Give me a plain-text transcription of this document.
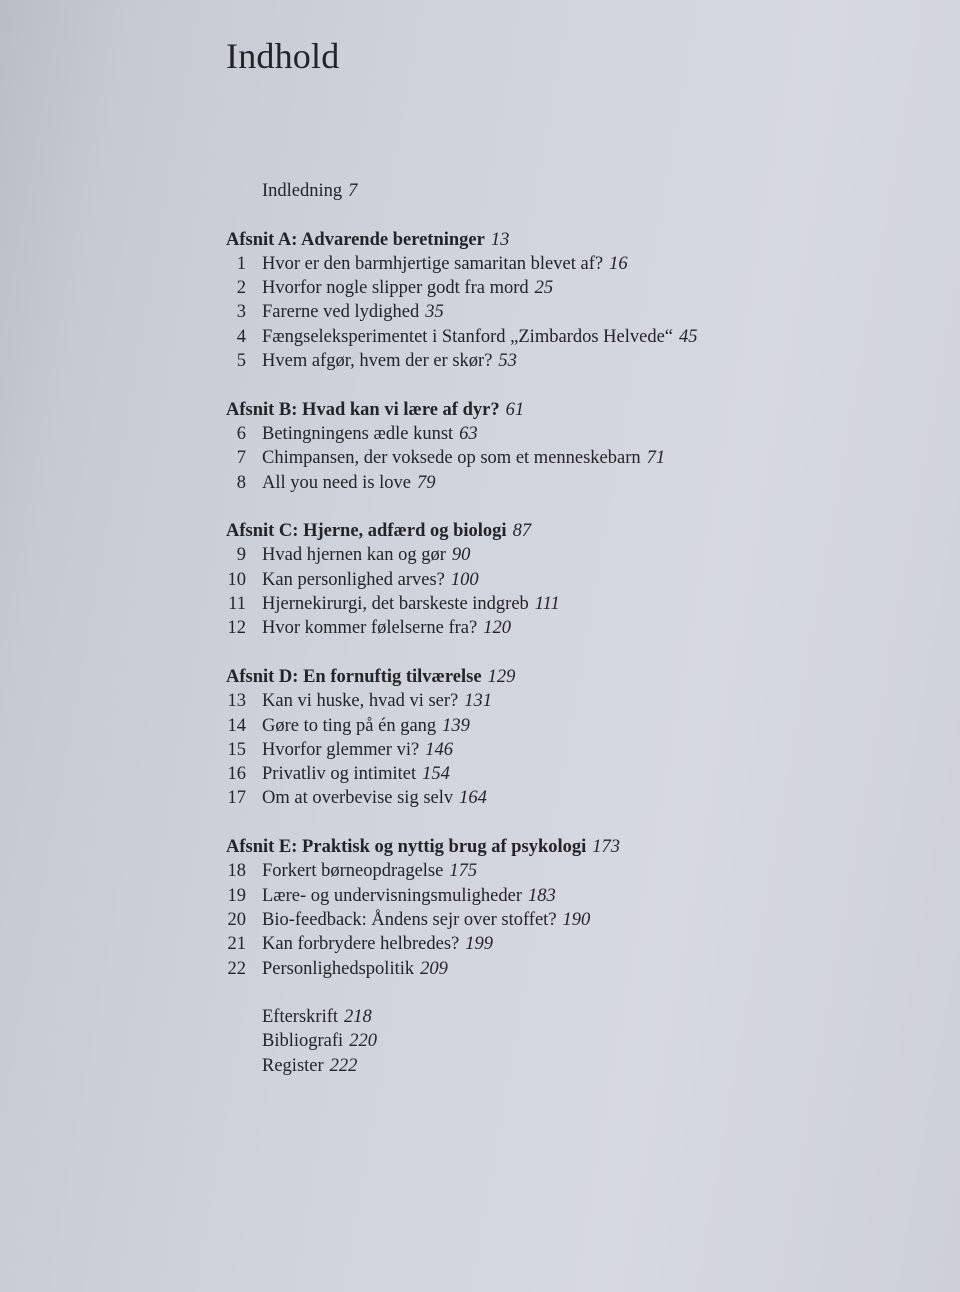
Indhold
Indledning 7
Afsnit A: Advarende beretninger 13
1 Hvor er den barmhjertige samaritan blevet af? 16
2 Hvorfor nogle slipper godt fra mord 25
3 Farerne ved lydighed 35
4 Fængseleksperimentet i Stanford „Zimbardos Helvede“ 45
5 Hvem afgør, hvem der er skør? 53
Afsnit B: Hvad kan vi lære af dyr? 61
6 Betingningens ædle kunst 63
7 Chimpansen, der voksede op som et menneskebarn 71
8 All you need is love 79
Afsnit C: Hjerne, adfærd og biologi 87
9 Hvad hjernen kan og gør 90
10 Kan personlighed arves? 100
11 Hjernekirurgi, det barskeste indgreb 111
12 Hvor kommer følelserne fra? 120
Afsnit D: En fornuftig tilværelse 129
13 Kan vi huske, hvad vi ser? 131
14 Gøre to ting på én gang 139
15 Hvorfor glemmer vi? 146
16 Privatliv og intimitet 154
17 Om at overbevise sig selv 164
Afsnit E: Praktisk og nyttig brug af psykologi 173
18 Forkert børneopdragelse 175
19 Lære- og undervisningsmuligheder 183
20 Bio-feedback: Åndens sejr over stoffet? 190
21 Kan forbrydere helbredes? 199
22 Personlighedspolitik 209
Efterskrift 218
Bibliografi 220
Register 222
